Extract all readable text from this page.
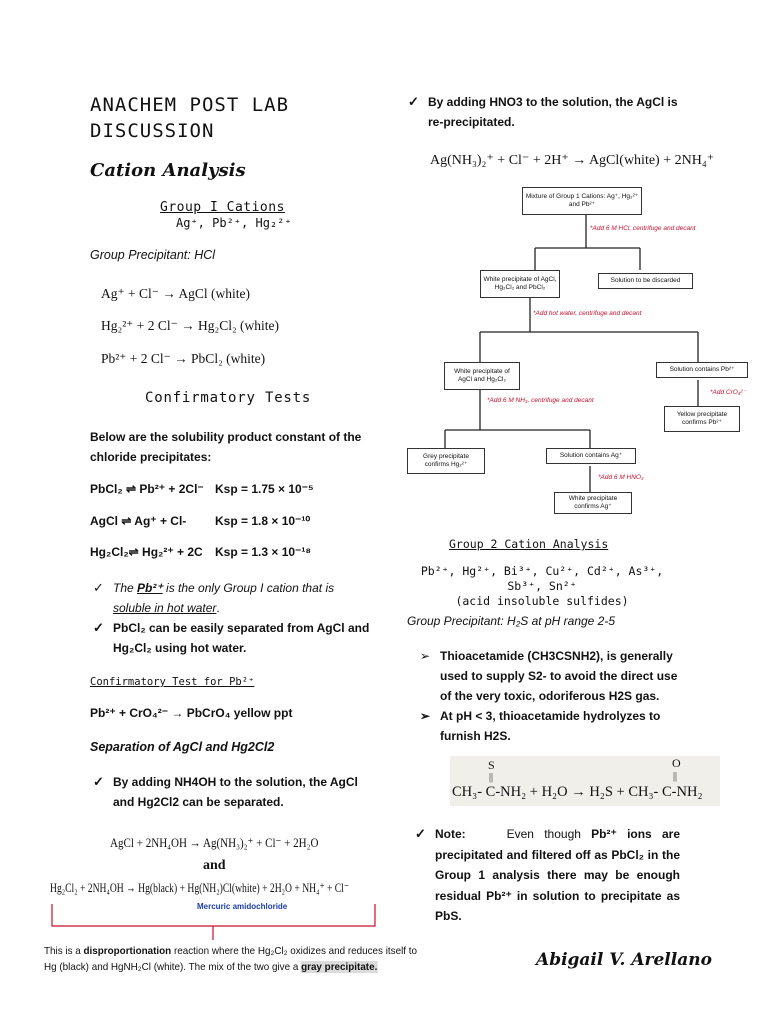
ANACHEM POST LAB
DISCUSSION
Cation Analysis
Group I Cations
Ag⁺, Pb²⁺, Hg₂²⁺
Group Precipitant: HCl
Ag⁺ + Cl⁻ → AgCl (white)
Hg₂²⁺ + 2 Cl⁻ → Hg₂Cl₂ (white)
Pb²⁺ + 2 Cl⁻ → PbCl₂ (white)
Confirmatory Tests
Below are the solubility product constant of the
chloride precipitates:
PbCl₂ ⇌ Pb²⁺ + 2Cl⁻ Ksp = 1.75 × 10⁻⁵
AgCl ⇌ Ag⁺ + Cl- Ksp = 1.8 × 10⁻¹⁰
Hg₂Cl₂⇌ Hg₂²⁺ + 2C Ksp = 1.3 × 10⁻¹⁸
The Pb²⁺ is the only Group I cation that is
soluble in hot water.
PbCl₂ can be easily separated from AgCl and
Hg₂Cl₂ using hot water.
Confirmatory Test for Pb²⁺
Pb²⁺ + CrO₄²⁻ → PbCrO₄ yellow ppt
Separation of AgCl and Hg2Cl2
By adding NH4OH to the solution, the AgCl
and Hg2Cl2 can be separated.
AgCl + 2NH₄OH → Ag(NH₃)₂⁺ + Cl⁻ + 2H₂O
and
Hg₂Cl₂ + 2NH₄OH → Hg(black) + Hg(NH₂)Cl(white) + 2H₂O + NH₄⁺ + Cl⁻
Mercuric amidochloride
This is a disproportionation reaction where the Hg₂Cl₂ oxidizes and reduces itself to
Hg (black) and HgNH₂Cl (white). The mix of the two give a gray precipitate.
By adding HNO3 to the solution, the AgCl is
re-precipitated.
Ag(NH₃)₂⁺ + Cl⁻ + 2H⁺ → AgCl(white) + 2NH₄⁺
Mixture of Group 1 Cations: Ag⁺, Hg₂²⁺ and Pb²⁺
*Add 6 M HCl, centrifuge and decant
White precipitate of AgCl, Hg₂Cl₂ and PbCl₂
Solution to be discarded
*Add hot water, centrifuge and decant
White precipitate of AgCl and Hg₂Cl₂
Solution contains Pb²⁺
*Add CrO₄²⁻
Yellow precipitate confirms Pb²⁺
*Add 6 M NH₃, centrifuge and decant
Grey precipitate confirms Hg₂²⁺
Solution contains Ag⁺
*Add 6 M HNO₃
White precipitate confirms Ag⁺
Group 2 Cation Analysis
Pb²⁺, Hg²⁺, Bi³⁺, Cu²⁺, Cd²⁺, As³⁺,
Sb³⁺, Sn²⁺
(acid insoluble sulfides)
Group Precipitant: H₂S at pH range 2-5
Thioacetamide (CH3CSNH2), is generally
used to supply S2- to avoid the direct use
of the very toxic, odoriferous H2S gas.
At pH < 3, thioacetamide hydrolyzes to
furnish H2S.
S
||
O
||
CH₃- C-NH₂ + H₂O → H₂S + CH₃- C-NH₂
Note:	Even though Pb²⁺ ions are
precipitated and filtered off as PbCl₂ in the
Group 1 analysis there may be enough
residual Pb²⁺ in solution to precipitate as
PbS.
Abigail V. Arellano
